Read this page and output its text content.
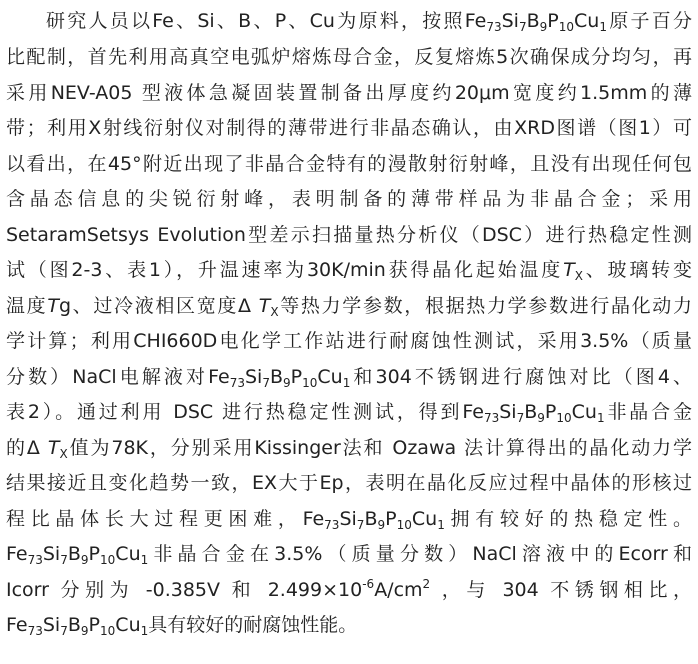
研究人员以Fe、Si、B、P、Cu为原料，按照$Fe_{73}Si_7B_9P_{10}Cu_1$原子百分
比配制，首先利用高真空电弧炉熔炼母合金，反复熔炼5次确保成分均匀，再
采用NEV-A05 型液体急凝固装置制备出厚度约20μm宽度约1.5mm的薄
带；利用X射线衍射仪对制得的薄带进行非晶态确认，由XRD图谱（图1）可
以看出，在45°附近出现了非晶合金特有的漫散射衍射峰，且没有出现任何包
含晶态信息的尖锐衍射峰，表明制备的薄带样品为非晶合金；采用
SetaramSetsys Evolution型差示扫描量热分析仪（DSC）进行热稳定性测
试（图2-3、表1），升温速率为30K/min获得晶化起始温度$T_X$、玻璃转变
温度Tg、过冷液相区宽度Δ $T_X$等热力学参数，根据热力学参数进行晶化动力
学计算；利用CHI660D电化学工作站进行耐腐蚀性测试，采用3.5%（质量
分数）NaCl电解液对$Fe_{73}Si_7B_9P_{10}Cu_1$和304不锈钢进行腐蚀对比（图4、
表2）。通过利用 DSC 进行热稳定性测试，得到$Fe_{73}Si_7B_9P_{10}Cu_1$非晶合金
的Δ $T_X$值为78K，分别采用Kissinger法和 Ozawa 法计算得出的晶化动力学
结果接近且变化趋势一致，EX大于Ep，表明在晶化反应过程中晶体的形核过
程比晶体长大过程更困难，$Fe_{73}Si_7B_9P_{10}Cu_1$拥有较好的热稳定性。
$Fe_{73}Si_7B_9P_{10}Cu_1$非晶合金在3.5%（质量分数）NaCl溶液中的Ecorr和
Icorr 分别为 -0.385V 和 $2.499\times 10^{-6}A/cm^2$ ，与 304 不锈钢相比，
$Fe_{73}Si_7B_9P_{10}Cu_1$具有较好的耐腐蚀性能。
